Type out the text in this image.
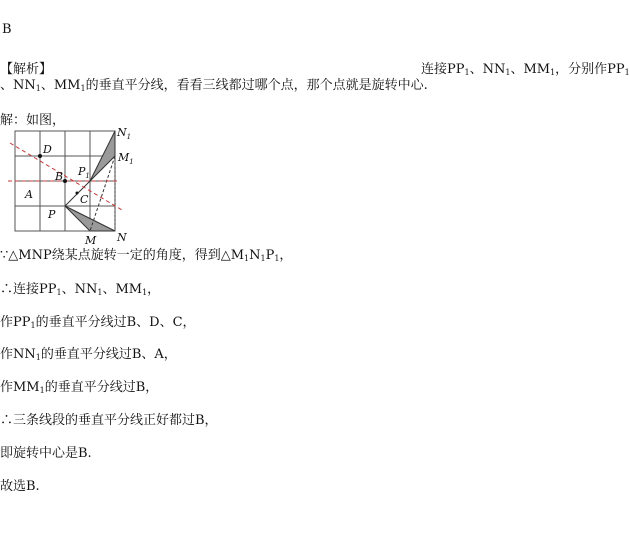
B
【解析】	连接$PP_1$、$NN_1$、$MM_1$，分别作$PP_1$
、$NN_1$、$MM_1$的垂直平分线，看看三线都过哪个点，那个点就是旋转中心.
解：如图，
$N_1$
$M_1$
D
$P_1$
A
B
C
P
M N
∵△MNP绕某点旋转一定的角度，得到$\triangle M_1N_1P_1$，
∴连接$PP_1$、$NN_1$、$MM_1$，
作$PP_1$的垂直平分线过B、D、C，
作$NN_1$的垂直平分线过B、A，
作$MM_1$的垂直平分线过B，
∴三条线段的垂直平分线正好都过B，
即旋转中心是B.
故选B.
